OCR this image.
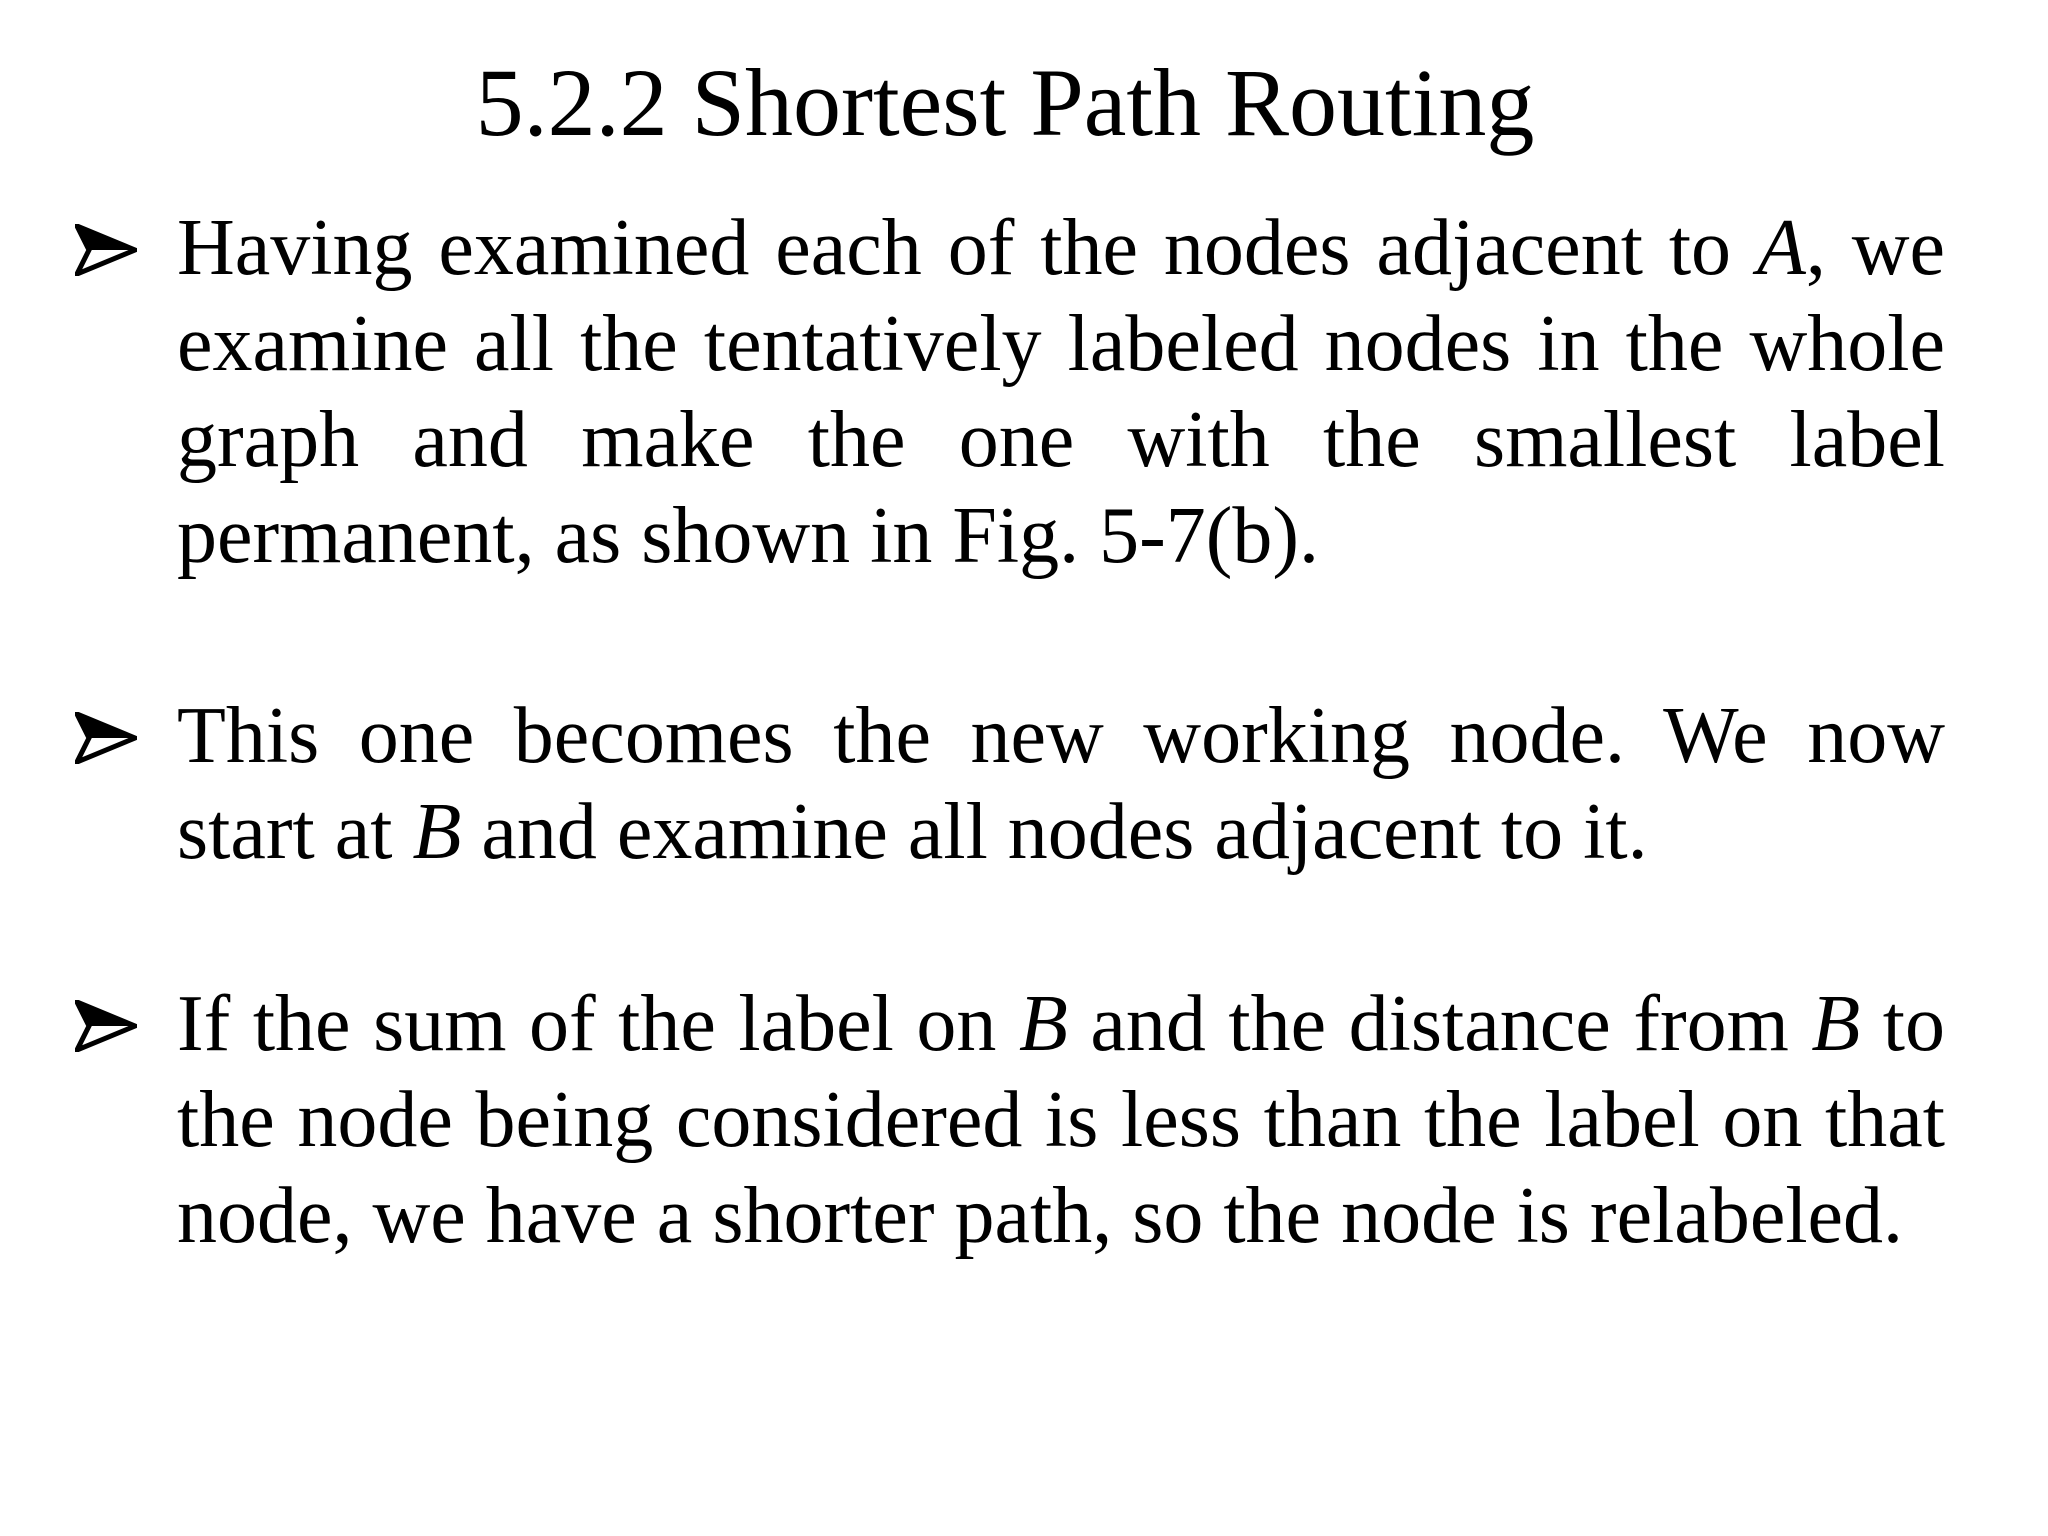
5.2.2 Shortest Path Routing
Having examined each of the nodes adjacent to A, we examine all the tentatively labeled nodes in the whole graph and make the one with the smallest label permanent, as shown in Fig. 5-7(b).
This one becomes the new working node. We now start at B and examine all nodes adjacent to it.
If the sum of the label on B and the distance from B to the node being considered is less than the label on that node, we have a shorter path, so the node is relabeled.
